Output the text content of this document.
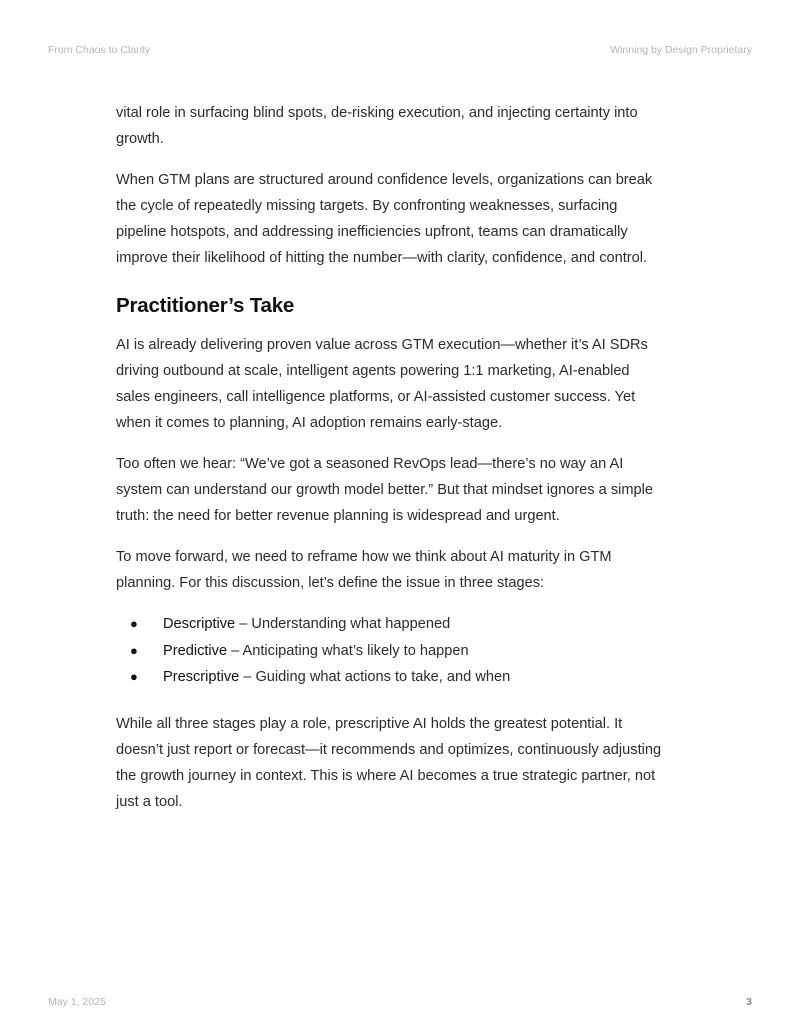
From Chaos to Clarity	Winning by Design Proprietary

vital role in surfacing blind spots, de-risking execution, and injecting certainty into growth.

When GTM plans are structured around confidence levels, organizations can break the cycle of repeatedly missing targets. By confronting weaknesses, surfacing pipeline hotspots, and addressing inefficiencies upfront, teams can dramatically improve their likelihood of hitting the number—with clarity, confidence, and control.

Practitioner’s Take

AI is already delivering proven value across GTM execution—whether it’s AI SDRs driving outbound at scale, intelligent agents powering 1:1 marketing, AI-enabled sales engineers, call intelligence platforms, or AI-assisted customer success. Yet when it comes to planning, AI adoption remains early-stage.

Too often we hear: “We’ve got a seasoned RevOps lead—there’s no way an AI system can understand our growth model better.” But that mindset ignores a simple truth: the need for better revenue planning is widespread and urgent.

To move forward, we need to reframe how we think about AI maturity in GTM planning. For this discussion, let’s define the issue in three stages:

●	Descriptive – Understanding what happened
●	Predictive – Anticipating what’s likely to happen
●	Prescriptive – Guiding what actions to take, and when

While all three stages play a role, prescriptive AI holds the greatest potential. It doesn’t just report or forecast—it recommends and optimizes, continuously adjusting the growth journey in context. This is where AI becomes a true strategic partner, not just a tool.

May 1, 2025	3
